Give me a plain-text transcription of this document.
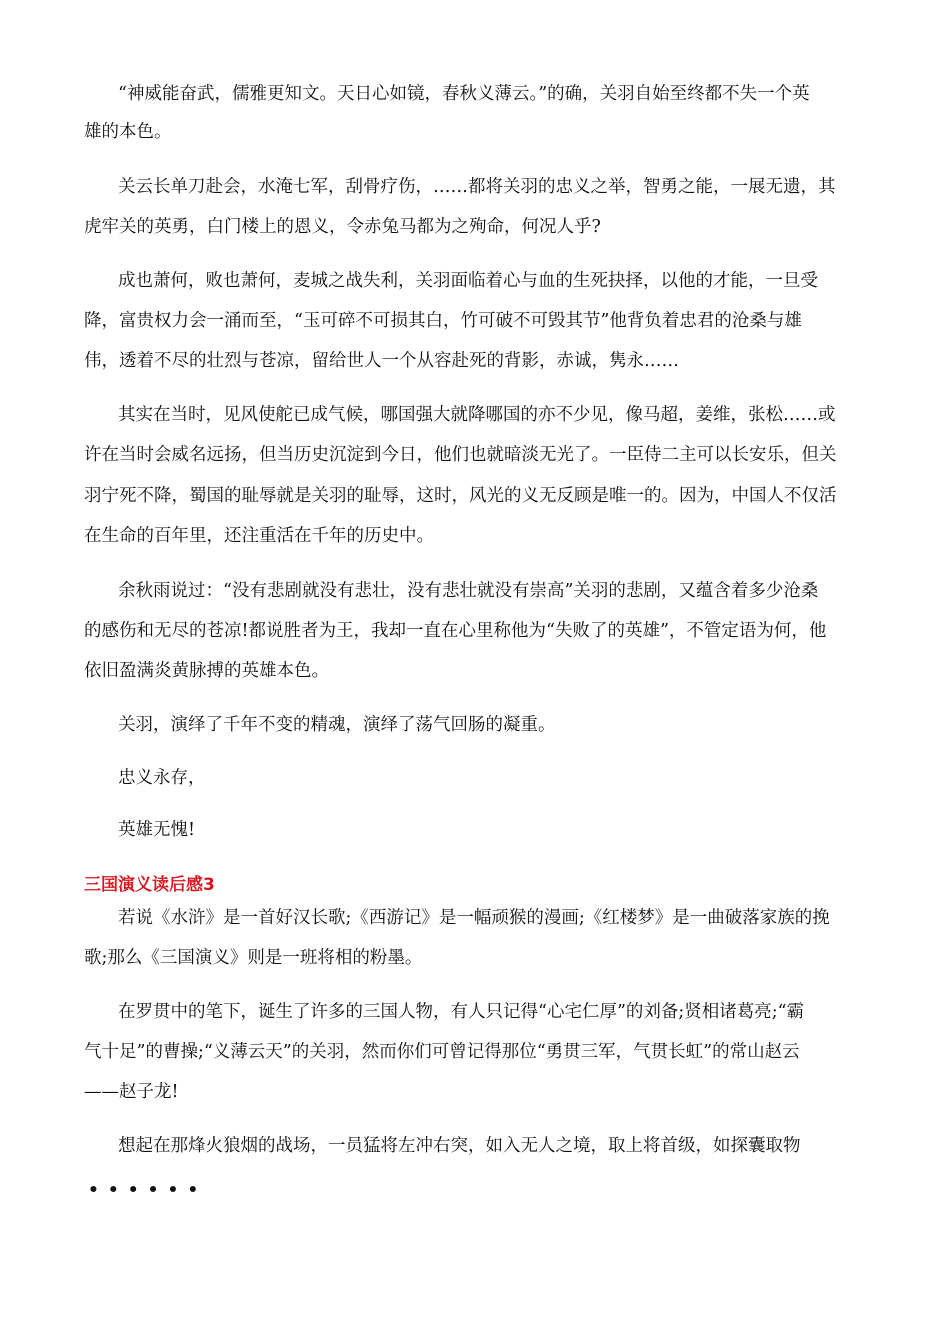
“神威能奋武，儒雅更知文。天日心如镜，春秋义薄云。”的确，关羽自始至终都不失一个英
雄的本色。
关云长单刀赴会，水淹七军，刮骨疗伤，……都将关羽的忠义之举，智勇之能，一展无遗，其
虎牢关的英勇，白门楼上的恩义，令赤兔马都为之殉命，何况人乎?
成也萧何，败也萧何，麦城之战失利，关羽面临着心与血的生死抉择，以他的才能，一旦受
降，富贵权力会一涌而至，“玉可碎不可损其白，竹可破不可毁其节”他背负着忠君的沧桑与雄
伟，透着不尽的壮烈与苍凉，留给世人一个从容赴死的背影，赤诚，隽永……
其实在当时，见风使舵已成气候，哪国强大就降哪国的亦不少见，像马超，姜维，张松……或
许在当时会威名远扬，但当历史沉淀到今日，他们也就暗淡无光了。一臣侍二主可以长安乐，但关
羽宁死不降，蜀国的耻辱就是关羽的耻辱，这时，风光的义无反顾是唯一的。因为，中国人不仅活
在生命的百年里，还注重活在千年的历史中。
余秋雨说过：“没有悲剧就没有悲壮，没有悲壮就没有崇高”关羽的悲剧，又蕴含着多少沧桑
的感伤和无尽的苍凉!都说胜者为王，我却一直在心里称他为“失败了的英雄”，不管定语为何，他
依旧盈满炎黄脉搏的英雄本色。
关羽，演绎了千年不变的精魂，演绎了荡气回肠的凝重。
忠义永存，
英雄无愧!
三国演义读后感3
若说《水浒》是一首好汉长歌;《西游记》是一幅顽猴的漫画;《红楼梦》是一曲破落家族的挽
歌;那么《三国演义》则是一班将相的粉墨。
在罗贯中的笔下，诞生了许多的三国人物，有人只记得“心宅仁厚”的刘备;贤相诸葛亮;“霸
气十足”的曹操;“义薄云天”的关羽，然而你们可曾记得那位“勇贯三军，气贯长虹”的常山赵云
——赵子龙!
想起在那烽火狼烟的战场，一员猛将左冲右突，如入无人之境，取上将首级，如探囊取物
••••••
